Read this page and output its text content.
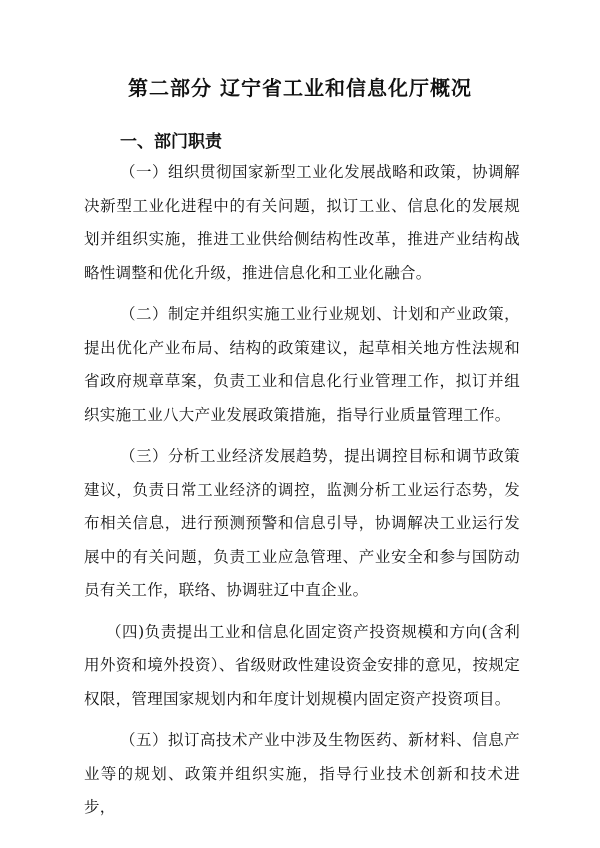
第二部分 辽宁省工业和信息化厅概况
一、部门职责

（一）组织贯彻国家新型工业化发展战略和政策，协调解决新型工业化进程中的有关问题，拟订工业、信息化的发展规划并组织实施，推进工业供给侧结构性改革，推进产业结构战略性调整和优化升级，推进信息化和工业化融合。

（二）制定并组织实施工业行业规划、计划和产业政策，提出优化产业布局、结构的政策建议，起草相关地方性法规和省政府规章草案，负责工业和信息化行业管理工作，拟订并组织实施工业八大产业发展政策措施，指导行业质量管理工作。

（三）分析工业经济发展趋势，提出调控目标和调节政策建议，负责日常工业经济的调控，监测分析工业运行态势，发布相关信息，进行预测预警和信息引导，协调解决工业运行发展中的有关问题，负责工业应急管理、产业安全和参与国防动员有关工作，联络、协调驻辽中直企业。

（四)负责提出工业和信息化固定资产投资规模和方向(含利用外资和境外投资）、省级财政性建设资金安排的意见，按规定权限，管理国家规划内和年度计划规模内固定资产投资项目。

（五）拟订高技术产业中涉及生物医药、新材料、信息产业等的规划、政策并组织实施，指导行业技术创新和技术进步，
